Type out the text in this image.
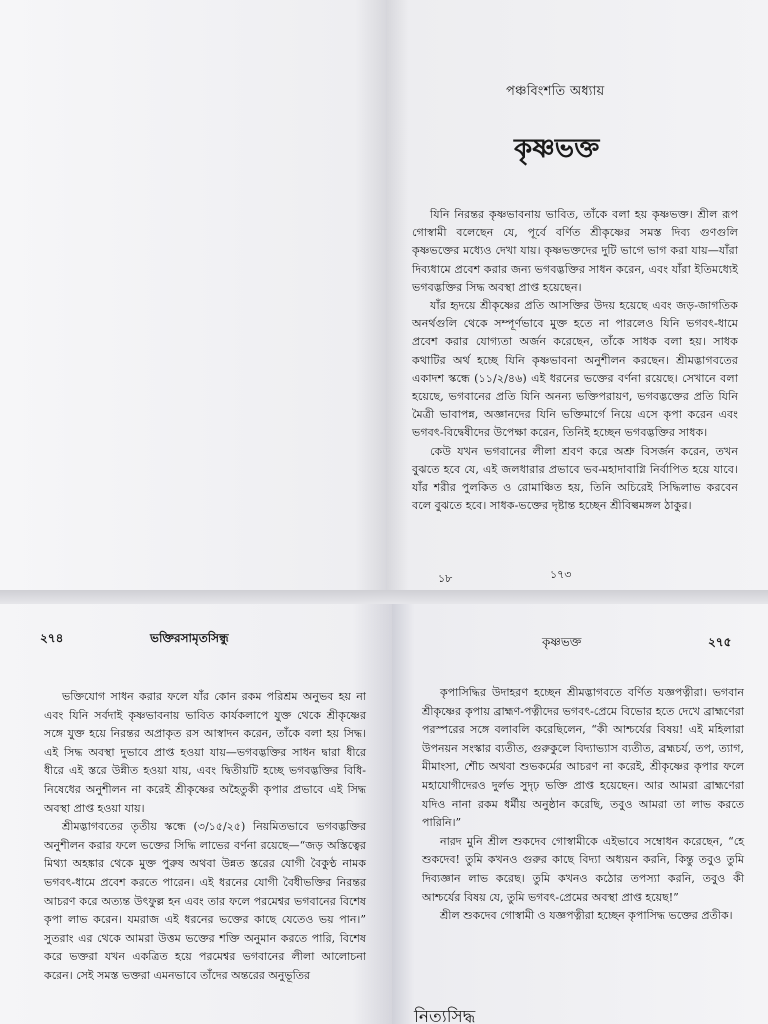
পঞ্চবিংশতি অধ্যায়
কৃষ্ণভক্ত

যিনি নিরন্তর কৃষ্ণভাবনায় ভাবিত, তাঁকে বলা হয় কৃষ্ণভক্ত। শ্রীল রূপ গোস্বামী বলেছেন যে, পূর্বে বর্ণিত শ্রীকৃষ্ণের সমস্ত দিব্য গুণগুলি কৃষ্ণভক্তের মধ্যেও দেখা যায়। কৃষ্ণভক্তদের দুটি ভাগে ভাগ করা যায়—যাঁরা দিব্যধামে প্রবেশ করার জন্য ভগবদ্ভক্তির সাধন করেন, এবং যাঁরা ইতিমধ্যেই ভগবদ্ভক্তির সিদ্ধ অবস্থা প্রাপ্ত হয়েছেন।

যাঁর হৃদয়ে শ্রীকৃষ্ণের প্রতি আসক্তির উদয় হয়েছে এবং জড়-জাগতিক অনর্থগুলি থেকে সম্পূর্ণভাবে মুক্ত হতে না পারলেও যিনি ভগবৎ-ধামে প্রবেশ করার যোগ্যতা অর্জন করেছেন, তাঁকে সাধক বলা হয়। সাধক কথাটির অর্থ হচ্ছে যিনি কৃষ্ণভাবনা অনুশীলন করছেন। শ্রীমদ্ভাগবতের একাদশ স্কন্ধে (১১/২/৪৬) এই ধরনের ভক্তের বর্ণনা রয়েছে। সেখানে বলা হয়েছে, ভগবানের প্রতি যিনি অনন্য ভক্তিপরায়ণ, ভগবদ্ভক্তের প্রতি যিনি মৈত্রী ভাবাপন্ন, অজ্ঞানদের যিনি ভক্তিমার্গে নিয়ে এসে কৃপা করেন এবং ভগবৎ-বিদ্বেষীদের উপেক্ষা করেন, তিনিই হচ্ছেন ভগবদ্ভক্তির সাধক।

কেউ যখন ভগবানের লীলা শ্রবণ করে অশ্রু বিসর্জন করেন, তখন বুঝতে হবে যে, এই জলধারার প্রভাবে ভব-মহাদাবাগ্নি নির্বাপিত হয়ে যাবে। যাঁর শরীর পুলকিত ও রোমাঞ্চিত হয়, তিনি অচিরেই সিদ্ধিলাভ করবেন বলে বুঝতে হবে। সাধক-ভক্তের দৃষ্টান্ত হচ্ছেন শ্রীবিল্বমঙ্গল ঠাকুর।

১৮	১৭৩
২৭৪	ভক্তিরসামৃতসিন্ধু

ভক্তিযোগ সাধন করার ফলে যাঁর কোন রকম পরিশ্রম অনুভব হয় না এবং যিনি সর্বদাই কৃষ্ণভাবনায় ভাবিত কার্যকলাপে যুক্ত থেকে শ্রীকৃষ্ণের সঙ্গে যুক্ত হয়ে নিরন্তর অপ্রাকৃত রস আস্বাদন করেন, তাঁকে বলা হয় সিদ্ধ। এই সিদ্ধ অবস্থা দুভাবে প্রাপ্ত হওয়া যায়—ভগবদ্ভক্তির সাধন দ্বারা ধীরে ধীরে এই স্তরে উন্নীত হওয়া যায়, এবং দ্বিতীয়টি হচ্ছে ভগবদ্ভক্তির বিধি-নিষেধের অনুশীলন না করেই শ্রীকৃষ্ণের অহৈতুকী কৃপার প্রভাবে এই সিদ্ধ অবস্থা প্রাপ্ত হওয়া যায়।

শ্রীমদ্ভাগবতের তৃতীয় স্কন্ধে (৩/১৫/২৫) নিয়মিতভাবে ভগবদ্ভক্তির অনুশীলন করার ফলে ভক্তের সিদ্ধি লাভের বর্ণনা রয়েছে—“জড় অস্তিত্বের মিথ্যা অহঙ্কার থেকে মুক্ত পুরুষ অথবা উন্নত স্তরের যোগী বৈকুণ্ঠ নামক ভগবৎ-ধামে প্রবেশ করতে পারেন। এই ধরনের যোগী বৈধীভক্তির নিরন্তর আচরণ করে অত্যন্ত উৎফুল্ল হন এবং তার ফলে পরমেশ্বর ভগবানের বিশেষ কৃপা লাভ করেন। যমরাজ এই ধরনের ভক্তের কাছে যেতেও ভয় পান।” সুতরাং এর থেকে আমরা উত্তম ভক্তের শক্তি অনুমান করতে পারি, বিশেষ করে ভক্তরা যখন একত্রিত হয়ে পরমেশ্বর ভগবানের লীলা আলোচনা করেন। সেই সমস্ত ভক্তরা এমনভাবে তাঁদের অন্তরের অনুভূতির

কৃষ্ণভক্ত	২৭৫

কৃপাসিদ্ধির উদাহরণ হচ্ছেন শ্রীমদ্ভাগবতে বর্ণিত যজ্ঞপত্নীরা। ভগবান শ্রীকৃষ্ণের কৃপায় ব্রাহ্মণ-পত্নীদের ভগবৎ-প্রেমে বিভোর হতে দেখে ব্রাহ্মণেরা পরস্পরের সঙ্গে বলাবলি করেছিলেন, “কী আশ্চর্যের বিষয়! এই মহিলারা উপনয়ন সংস্কার ব্যতীত, গুরুকুলে বিদ্যাভ্যাস ব্যতীত, ব্রহ্মচর্য, তপ, ত্যাগ, মীমাংসা, শৌচ অথবা শুভকর্মের আচরণ না করেই, শ্রীকৃষ্ণের কৃপার ফলে মহাযোগীদেরও দুর্লভ সুদৃঢ় ভক্তি প্রাপ্ত হয়েছেন। আর আমরা ব্রাহ্মণেরা যদিও নানা রকম ধর্মীয় অনুষ্ঠান করেছি, তবুও আমরা তা লাভ করতে পারিনি।”

নারদ মুনি শ্রীল শুকদেব গোস্বামীকে এইভাবে সম্বোধন করেছেন, “হে শুকদেব! তুমি কখনও গুরুর কাছে বিদ্যা অধ্যয়ন করনি, কিন্তু তবুও তুমি দিব্যজ্ঞান লাভ করেছ। তুমি কখনও কঠোর তপস্যা করনি, তবুও কী আশ্চর্যের বিষয় যে, তুমি ভগবৎ-প্রেমের অবস্থা প্রাপ্ত হয়েছ!”

শ্রীল শুকদেব গোস্বামী ও যজ্ঞপত্নীরা হচ্ছেন কৃপাসিদ্ধ ভক্তের প্রতীক।

নিত্যসিদ্ধ
